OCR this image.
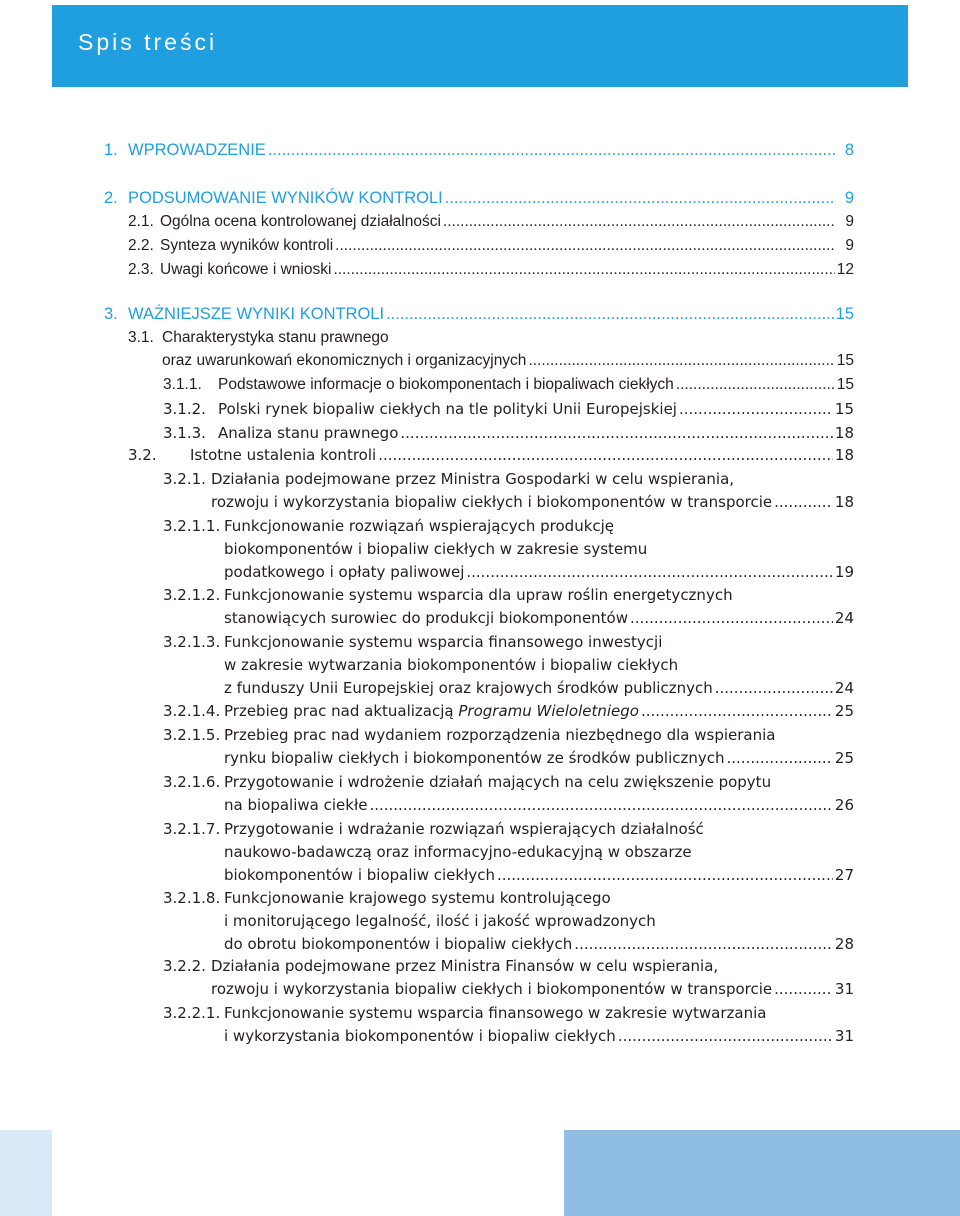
Spis treści
1. WPROWADZENIE .....	8
2. PODSUMOWANIE WYNIKÓW KONTROLI .....	9
2.1. Ogólna ocena kontrolowanej działalności .....	9
2.2. Synteza wyników kontroli .....	9
2.3. Uwagi końcowe i wnioski .....	12
3. WAŻNIEJSZE WYNIKI KONTROLI .....	15
3.1. Charakterystyka stanu prawnego
oraz uwarunkowań ekonomicznych i organizacyjnych .....	15
3.1.1. Podstawowe informacje o biokomponentach i biopaliwach ciekłych .....	15
3.1.2. Polski rynek biopaliw ciekłych na tle polityki Unii Europejskiej .....	15
3.1.3. Analiza stanu prawnego .....	18
3.2. Istotne ustalenia kontroli .....	18
3.2.1. Działania podejmowane przez Ministra Gospodarki w celu wspierania,
rozwoju i wykorzystania biopaliw ciekłych i biokomponentów w transporcie .....	18
3.2.1.1. Funkcjonowanie rozwiązań wspierających produkcję
biokomponentów i biopaliw ciekłych w zakresie systemu
podatkowego i opłaty paliwowej .....	19
3.2.1.2. Funkcjonowanie systemu wsparcia dla upraw roślin energetycznych
stanowiących surowiec do produkcji biokomponentów .....	24
3.2.1.3. Funkcjonowanie systemu wsparcia finansowego inwestycji
w zakresie wytwarzania biokomponentów i biopaliw ciekłych
z funduszy Unii Europejskiej oraz krajowych środków publicznych .....	24
3.2.1.4. Przebieg prac nad aktualizacją Programu Wieloletniego .....	25
3.2.1.5. Przebieg prac nad wydaniem rozporządzenia niezbędnego dla wspierania
rynku biopaliw ciekłych i biokomponentów ze środków publicznych .....	25
3.2.1.6. Przygotowanie i wdrożenie działań mających na celu zwiększenie popytu
na biopaliwa ciekłe .....	26
3.2.1.7. Przygotowanie i wdrażanie rozwiązań wspierających działalność
naukowo-badawczą oraz informacyjno-edukacyjną w obszarze
biokomponentów i biopaliw ciekłych .....	27
3.2.1.8. Funkcjonowanie krajowego systemu kontrolującego
i monitorującego legalność, ilość i jakość wprowadzonych
do obrotu biokomponentów i biopaliw ciekłych .....	28
3.2.2. Działania podejmowane przez Ministra Finansów w celu wspierania,
rozwoju i wykorzystania biopaliw ciekłych i biokomponentów w transporcie .....	31
3.2.2.1. Funkcjonowanie systemu wsparcia finansowego w zakresie wytwarzania
i wykorzystania biokomponentów i biopaliw ciekłych .....	31
